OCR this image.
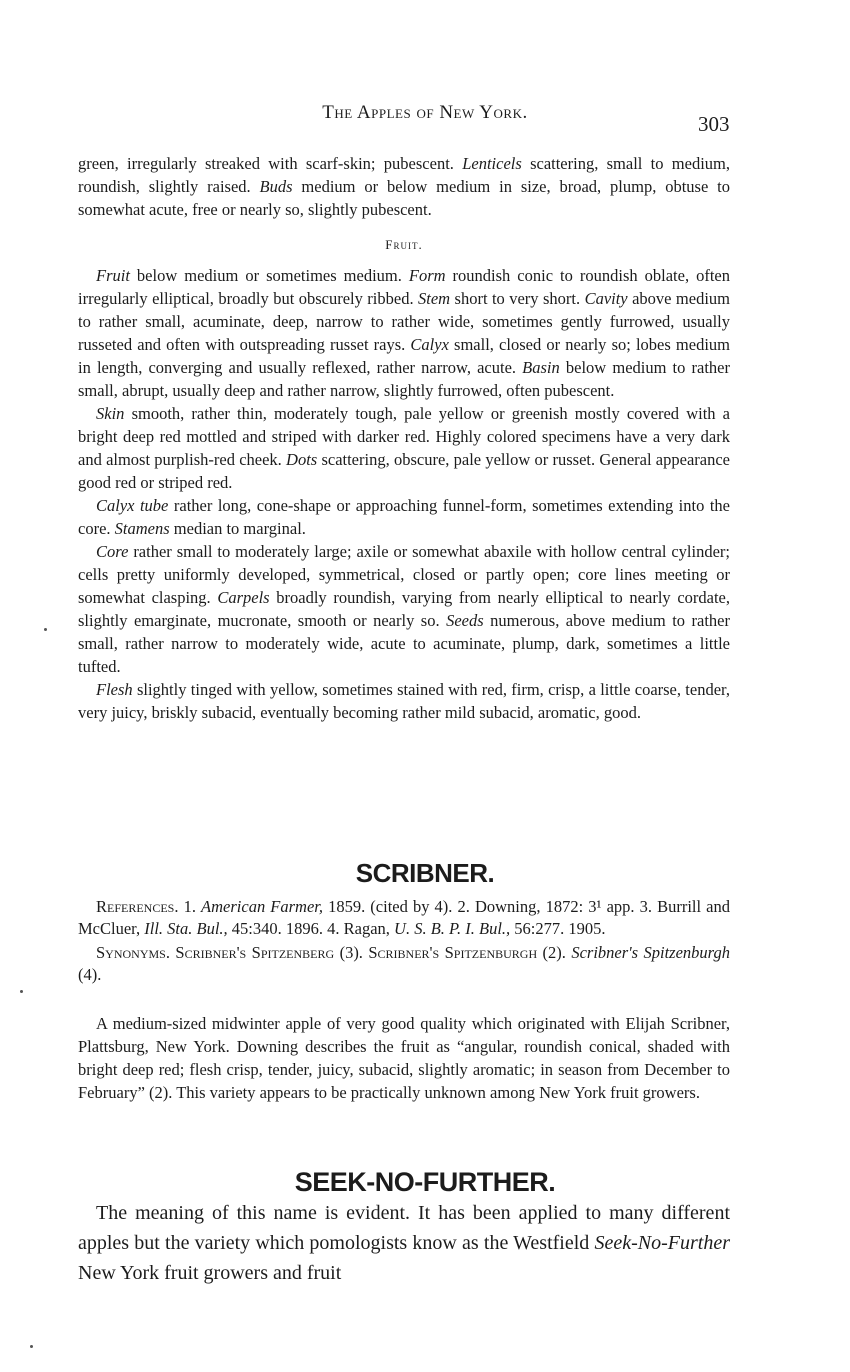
The Apples of New York.	303

green, irregularly streaked with scarf-skin; pubescent. Lenticels scattering, small to medium, roundish, slightly raised. Buds medium or below medium in size, broad, plump, obtuse to somewhat acute, free or nearly so, slightly pubescent.

Fruit.

Fruit below medium or sometimes medium. Form roundish conic to roundish oblate, often irregularly elliptical, broadly but obscurely ribbed. Stem short to very short. Cavity above medium to rather small, acuminate, deep, narrow to rather wide, sometimes gently furrowed, usually russeted and often with outspreading russet rays. Calyx small, closed or nearly so; lobes medium in length, converging and usually reflexed, rather narrow, acute. Basin below medium to rather small, abrupt, usually deep and rather narrow, slightly furrowed, often pubescent.

Skin smooth, rather thin, moderately tough, pale yellow or greenish mostly covered with a bright deep red mottled and striped with darker red. Highly colored specimens have a very dark and almost purplish-red cheek. Dots scattering, obscure, pale yellow or russet. General appearance good red or striped red.

Calyx tube rather long, cone-shape or approaching funnel-form, sometimes extending into the core. Stamens median to marginal.

Core rather small to moderately large; axile or somewhat abaxile with hollow central cylinder; cells pretty uniformly developed, symmetrical, closed or partly open; core lines meeting or somewhat clasping. Carpels broadly roundish, varying from nearly elliptical to nearly cordate, slightly emarginate, mucronate, smooth or nearly so. Seeds numerous, above medium to rather small, rather narrow to moderately wide, acute to acuminate, plump, dark, sometimes a little tufted.

Flesh slightly tinged with yellow, sometimes stained with red, firm, crisp, a little coarse, tender, very juicy, briskly subacid, eventually becoming rather mild subacid, aromatic, good.

SCRIBNER.

References. 1. American Farmer, 1859. (cited by 4). 2. Downing, 1872: 3¹ app. 3. Burrill and McCluer, Ill. Sta. Bul., 45:340. 1896. 4. Ragan, U. S. B. P. I. Bul., 56:277. 1905.

Synonyms. Scribner's Spitzenberg (3). Scribner's Spitzenburgh (2). Scribner's Spitzenburgh (4).

A medium-sized midwinter apple of very good quality which originated with Elijah Scribner, Plattsburg, New York. Downing describes the fruit as “angular, roundish conical, shaded with bright deep red; flesh crisp, tender, juicy, subacid, slightly aromatic; in season from December to February” (2). This variety appears to be practically unknown among New York fruit growers.

SEEK-NO-FURTHER.

The meaning of this name is evident. It has been applied to many different apples but the variety which pomologists know as the Westfield Seek-No-Further New York fruit growers and fruit
